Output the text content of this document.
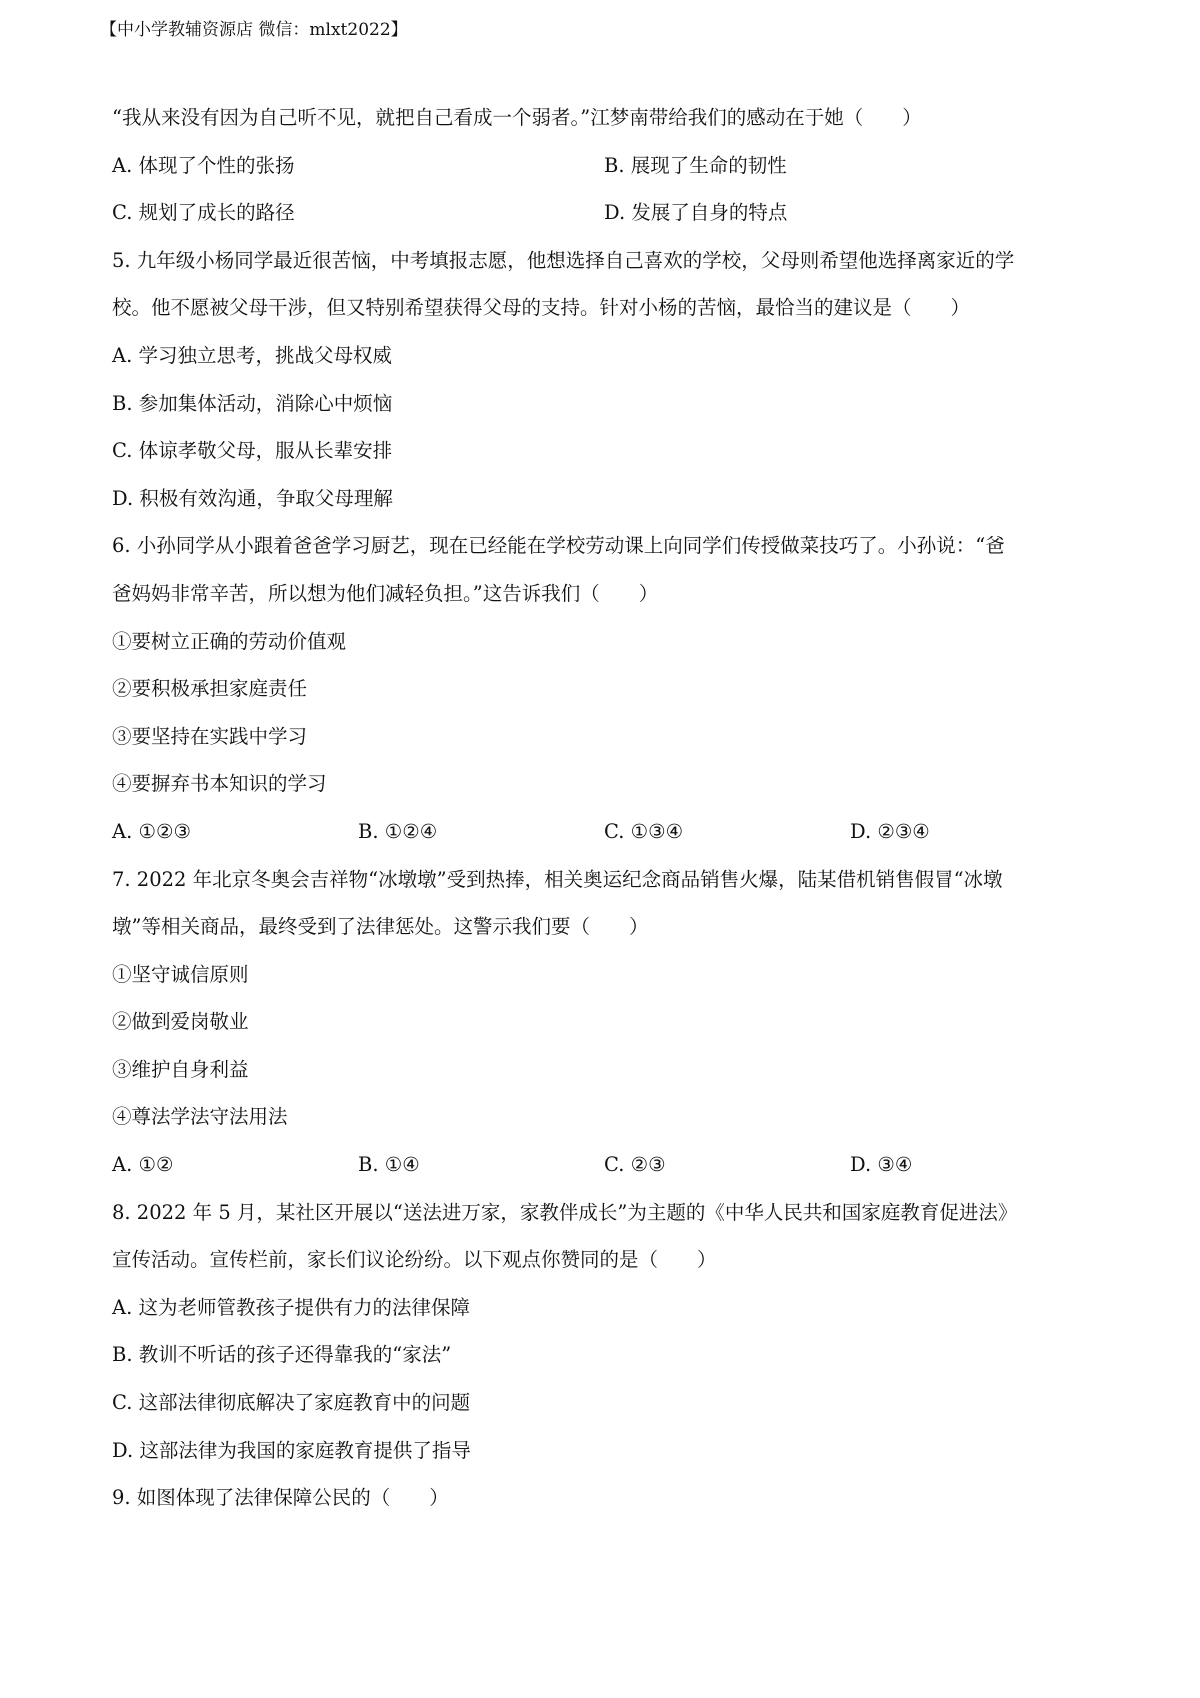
【中小学教辅资源店 微信：mlxt2022】
“我从来没有因为自己听不见，就把自己看成一个弱者。”江梦南带给我们的感动在于她（　　）
A. 体现了个性的张扬	B. 展现了生命的韧性
C. 规划了成长的路径	D. 发展了自身的特点
5. 九年级小杨同学最近很苦恼，中考填报志愿，他想选择自己喜欢的学校，父母则希望他选择离家近的学
校。他不愿被父母干涉，但又特别希望获得父母的支持。针对小杨的苦恼，最恰当的建议是（　　）
A. 学习独立思考，挑战父母权威
B. 参加集体活动，消除心中烦恼
C. 体谅孝敬父母，服从长辈安排
D. 积极有效沟通，争取父母理解
6. 小孙同学从小跟着爸爸学习厨艺，现在已经能在学校劳动课上向同学们传授做菜技巧了。小孙说：“爸
爸妈妈非常辛苦，所以想为他们减轻负担。”这告诉我们（　　）
①要树立正确的劳动价值观
②要积极承担家庭责任
③要坚持在实践中学习
④要摒弃书本知识的学习
A. ①②③	B. ①②④	C. ①③④	D. ②③④
7. 2022 年北京冬奥会吉祥物“冰墩墩”受到热捧，相关奥运纪念商品销售火爆，陆某借机销售假冒“冰墩
墩”等相关商品，最终受到了法律惩处。这警示我们要（　　）
①坚守诚信原则
②做到爱岗敬业
③维护自身利益
④尊法学法守法用法
A. ①②	B. ①④	C. ②③	D. ③④
8. 2022 年 5 月，某社区开展以“送法进万家，家教伴成长”为主题的《中华人民共和国家庭教育促进法》
宣传活动。宣传栏前，家长们议论纷纷。以下观点你赞同的是（　　）
A. 这为老师管教孩子提供有力的法律保障
B. 教训不听话的孩子还得靠我的“家法”
C. 这部法律彻底解决了家庭教育中的问题
D. 这部法律为我国的家庭教育提供了指导
9. 如图体现了法律保障公民的（　　）
